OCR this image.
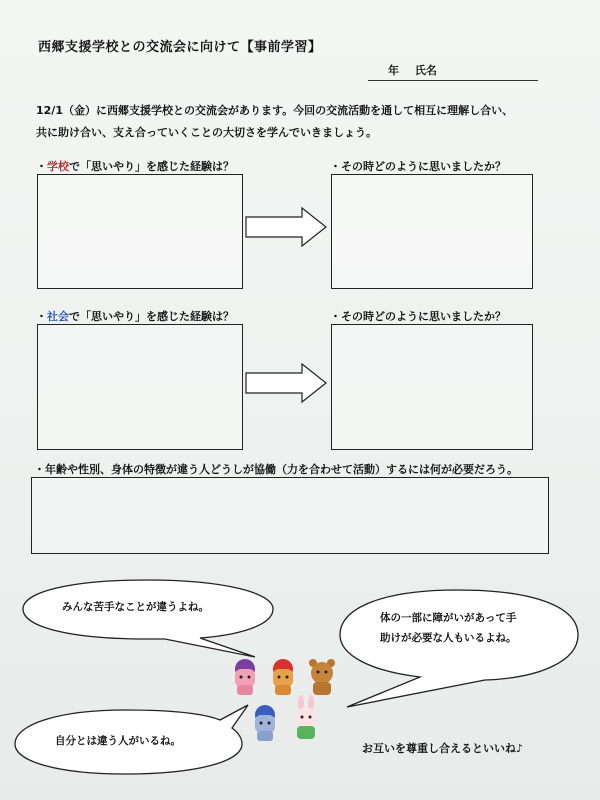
西郷支援学校との交流会に向けて【事前学習】
年 氏名
12/1（金）に西郷支援学校との交流会があります。今回の交流活動を通して相互に理解し合い、
共に助け合い、支え合っていくことの大切さを学んでいきましょう。
・学校で「思いやり」を感じた経験は？	・その時どのように思いましたか？
・社会で「思いやり」を感じた経験は？	・その時どのように思いましたか？
・年齢や性別、身体の特徴が違う人どうしが協働（力を合わせて活動）するには何が必要だろう。
みんな苦手なことが違うよね。
体の一部に障がいがあって手
助けが必要な人もいるよね。
自分とは違う人がいるね。
お互いを尊重し合えるといいね♪
